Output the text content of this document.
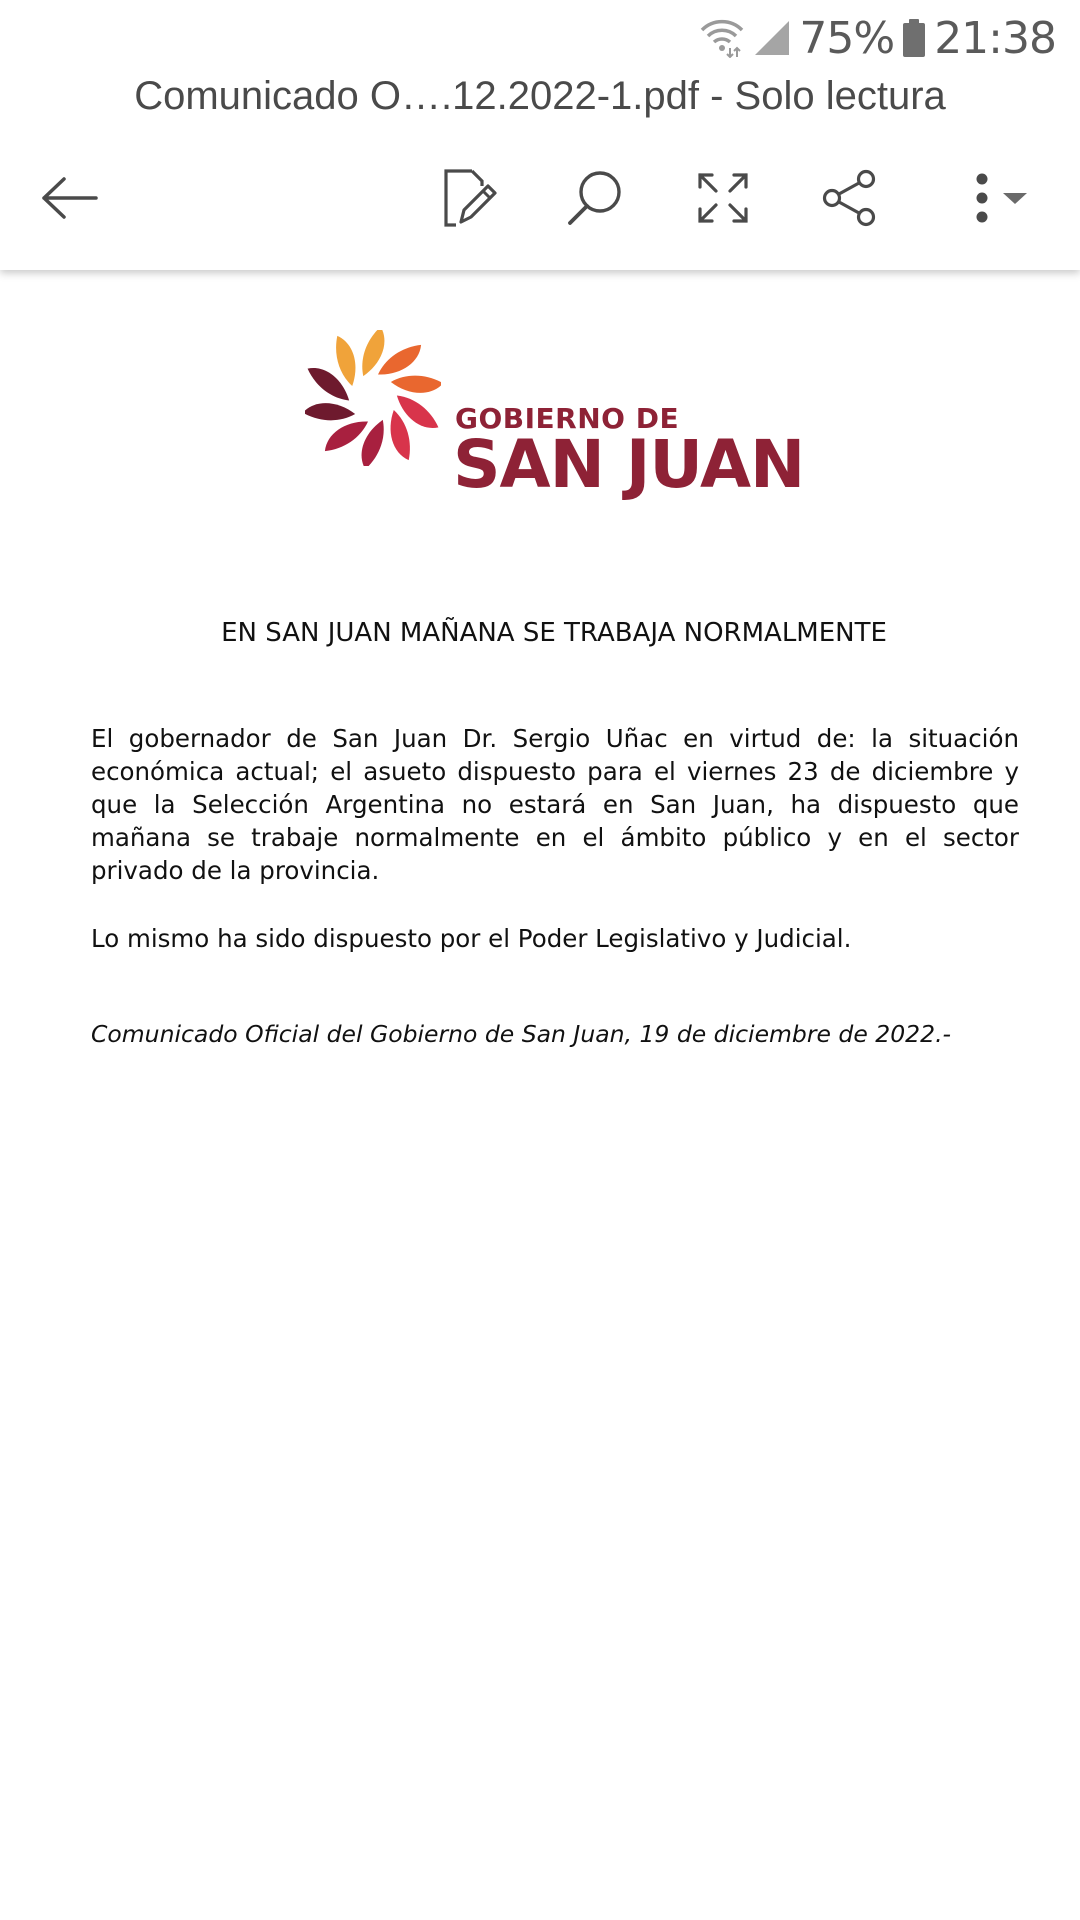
75% 21:38
Comunicado O….12.2022-1.pdf - Solo lectura
GOBIERNO DE
SAN JUAN
EN SAN JUAN MAÑANA SE TRABAJA NORMALMENTE
El gobernador de San Juan Dr. Sergio Uñac en virtud de: la situación económica actual; el asueto dispuesto para el viernes 23 de diciembre y que la Selección Argentina no estará en San Juan, ha dispuesto que mañana se trabaje normalmente en el ámbito público y en el sector privado de la provincia.
Lo mismo ha sido dispuesto por el Poder Legislativo y Judicial.
Comunicado Oficial del Gobierno de San Juan, 19 de diciembre de 2022.-
